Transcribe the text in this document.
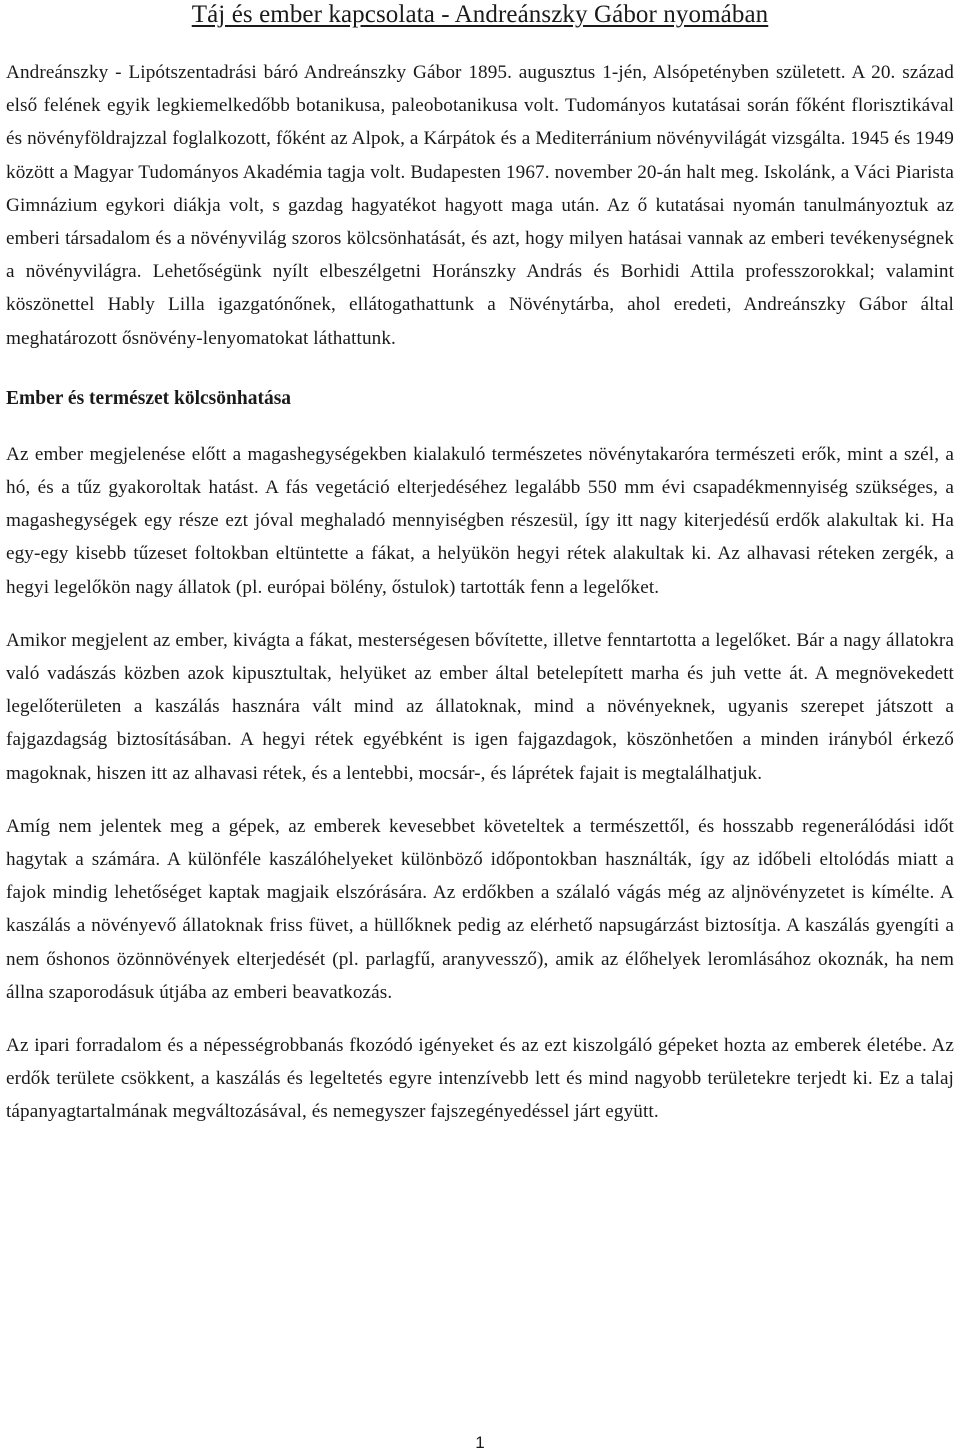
Táj és ember kapcsolata - Andreánszky Gábor nyomában

Andreánszky - Lipótszentadrási báró Andreánszky Gábor 1895. augusztus 1-jén, Alsópetényben született. A 20. század első felének egyik legkiemelkedőbb botanikusa, paleobotanikusa volt. Tudományos kutatásai során főként florisztikával és növényföldrajzzal foglalkozott, főként az Alpok, a Kárpátok és a Mediterránium növényvilágát vizsgálta. 1945 és 1949 között a Magyar Tudományos Akadémia tagja volt. Budapesten 1967. november 20-án halt meg. Iskolánk, a Váci Piarista Gimnázium egykori diákja volt, s gazdag hagyatékot hagyott maga után. Az ő kutatásai nyomán tanulmányoztuk az emberi társadalom és a növényvilág szoros kölcsönhatását, és azt, hogy milyen hatásai vannak az emberi tevékenységnek a növényvilágra. Lehetőségünk nyílt elbeszélgetni Horánszky András és Borhidi Attila professzorokkal; valamint köszönettel Hably Lilla igazgatónőnek, ellátogathattunk a Növénytárba, ahol eredeti, Andreánszky Gábor által meghatározott ősnövény-lenyomatokat láthattunk.

Ember és természet kölcsönhatása

Az ember megjelenése előtt a magashegységekben kialakuló természetes növénytakaróra természeti erők, mint a szél, a hó, és a tűz gyakoroltak hatást. A fás vegetáció elterjedéséhez legalább 550 mm évi csapadékmennyiség szükséges, a magashegységek egy része ezt jóval meghaladó mennyiségben részesül, így itt nagy kiterjedésű erdők alakultak ki. Ha egy-egy kisebb tűzeset foltokban eltüntette a fákat, a helyükön hegyi rétek alakultak ki. Az alhavasi réteken zergék, a hegyi legelőkön nagy állatok (pl. európai bölény, őstulok) tartották fenn a legelőket.

Amikor megjelent az ember, kivágta a fákat, mesterségesen bővítette, illetve fenntartotta a legelőket. Bár a nagy állatokra való vadászás közben azok kipusztultak, helyüket az ember által betelepített marha és juh vette át. A megnövekedett legelőterületen a kaszálás hasznára vált mind az állatoknak, mind a növényeknek, ugyanis szerepet játszott a fajgazdagság biztosításában. A hegyi rétek egyébként is igen fajgazdagok, köszönhetően a minden irányból érkező magoknak, hiszen itt az alhavasi rétek, és a lentebbi, mocsár-, és láprétek fajait is megtalálhatjuk.

Amíg nem jelentek meg a gépek, az emberek kevesebbet követeltek a természettől, és hosszabb regenerálódási időt hagytak a számára. A különféle kaszálóhelyeket különböző időpontokban használták, így az időbeli eltolódás miatt a fajok mindig lehetőséget kaptak magjaik elszórására. Az erdőkben a szálaló vágás még az aljnövényzetet is kímélte. A kaszálás a növényevő állatoknak friss füvet, a hüllőknek pedig az elérhető napsugárzást biztosítja. A kaszálás gyengíti a nem őshonos özönnövények elterjedését (pl. parlagfű, aranyvessző), amik az élőhelyek leromlásához okoznák, ha nem állna szaporodásuk útjába az emberi beavatkozás.

Az ipari forradalom és a népességrobbanás fkozódó igényeket és az ezt kiszolgáló gépeket hozta az emberek életébe. Az erdők területe csökkent, a kaszálás és legeltetés egyre intenzívebb lett és mind nagyobb területekre terjedt ki. Ez a talaj tápanyagtartalmának megváltozásával, és nemegyszer fajszegényedéssel járt együtt.

1
